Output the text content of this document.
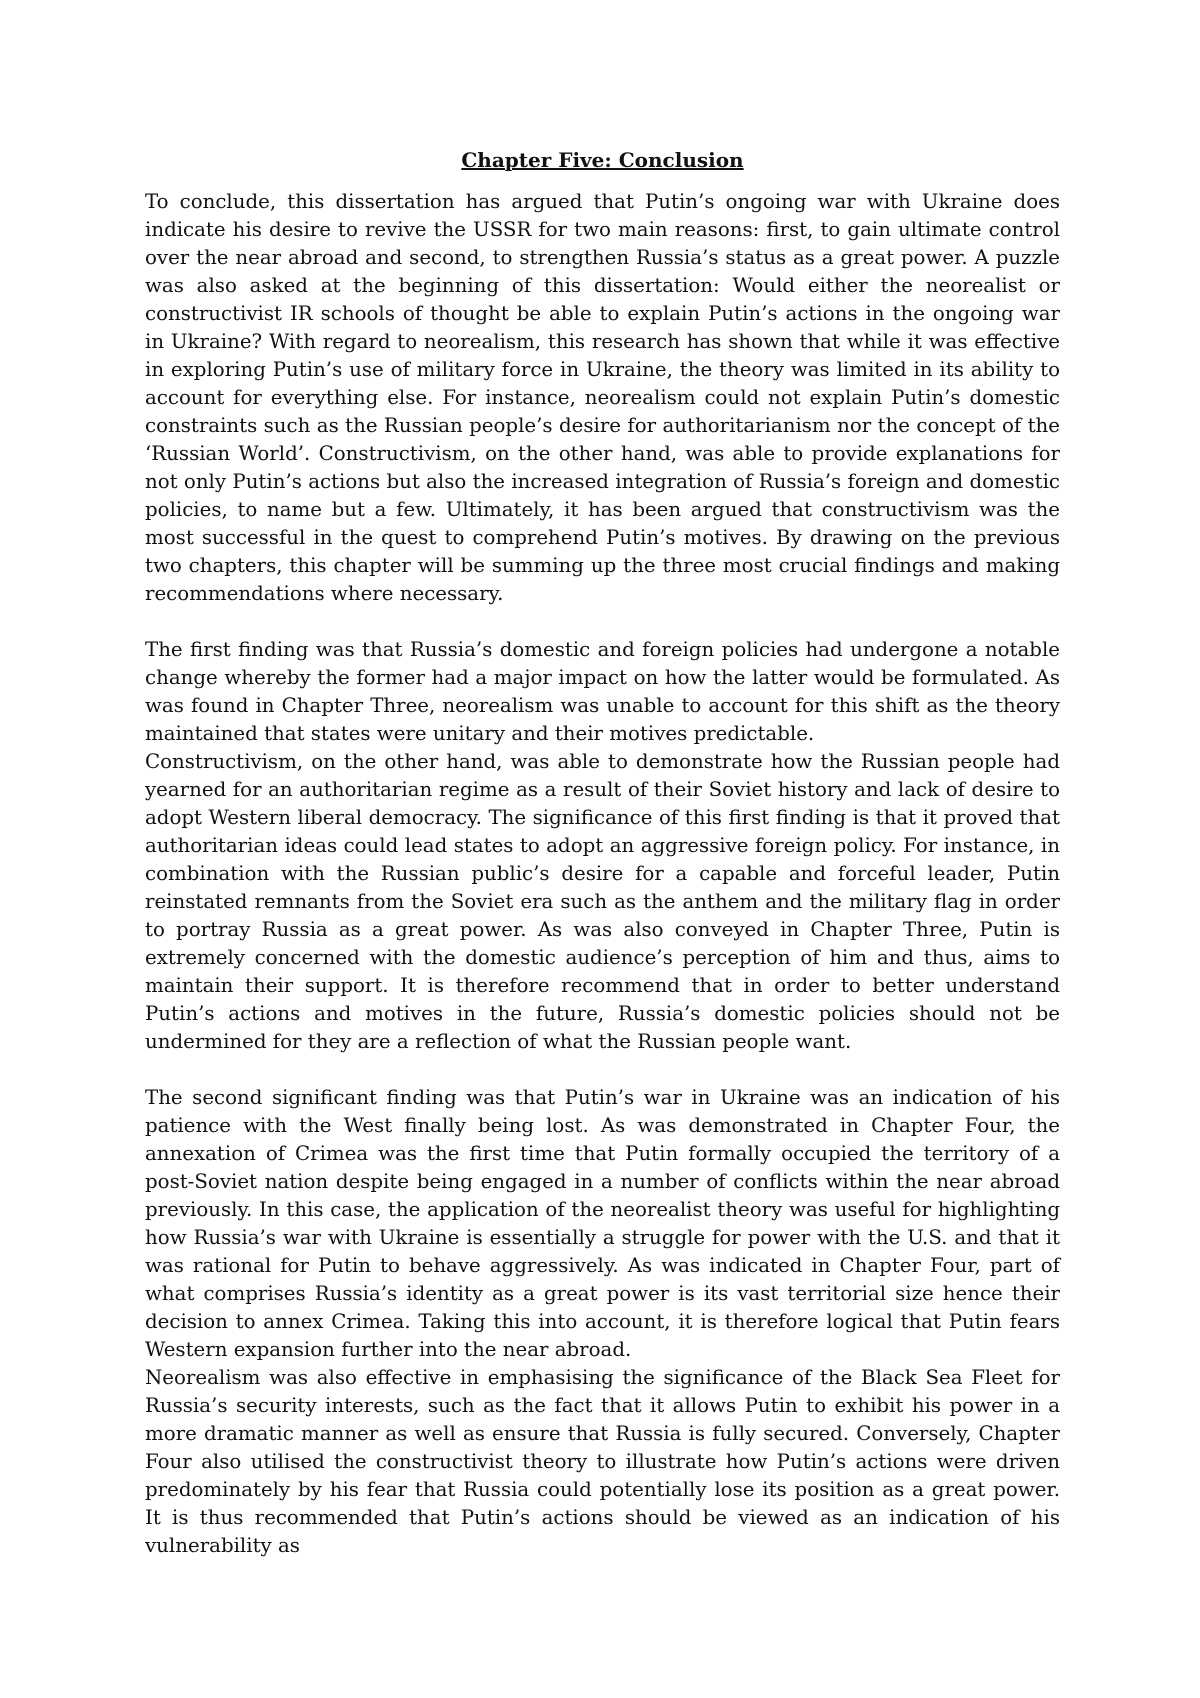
Chapter Five: Conclusion

To conclude, this dissertation has argued that Putin’s ongoing war with Ukraine does indicate his desire to revive the USSR for two main reasons: first, to gain ultimate control over the near abroad and second, to strengthen Russia’s status as a great power. A puzzle was also asked at the beginning of this dissertation: Would either the neorealist or constructivist IR schools of thought be able to explain Putin’s actions in the ongoing war in Ukraine? With regard to neorealism, this research has shown that while it was effective in exploring Putin’s use of military force in Ukraine, the theory was limited in its ability to account for everything else. For instance, neorealism could not explain Putin’s domestic constraints such as the Russian people’s desire for authoritarianism nor the concept of the ‘Russian World’. Constructivism, on the other hand, was able to provide explanations for not only Putin’s actions but also the increased integration of Russia’s foreign and domestic policies, to name but a few. Ultimately, it has been argued that constructivism was the most successful in the quest to comprehend Putin’s motives. By drawing on the previous two chapters, this chapter will be summing up the three most crucial findings and making recommendations where necessary.

The first finding was that Russia’s domestic and foreign policies had undergone a notable change whereby the former had a major impact on how the latter would be formulated. As was found in Chapter Three, neorealism was unable to account for this shift as the theory maintained that states were unitary and their motives predictable.

Constructivism, on the other hand, was able to demonstrate how the Russian people had yearned for an authoritarian regime as a result of their Soviet history and lack of desire to adopt Western liberal democracy. The significance of this first finding is that it proved that authoritarian ideas could lead states to adopt an aggressive foreign policy. For instance, in combination with the Russian public’s desire for a capable and forceful leader, Putin reinstated remnants from the Soviet era such as the anthem and the military flag in order to portray Russia as a great power. As was also conveyed in Chapter Three, Putin is extremely concerned with the domestic audience’s perception of him and thus, aims to maintain their support. It is therefore recommend that in order to better understand Putin’s actions and motives in the future, Russia’s domestic policies should not be undermined for they are a reflection of what the Russian people want.

The second significant finding was that Putin’s war in Ukraine was an indication of his patience with the West finally being lost. As was demonstrated in Chapter Four, the annexation of Crimea was the first time that Putin formally occupied the territory of a post-Soviet nation despite being engaged in a number of conflicts within the near abroad previously. In this case, the application of the neorealist theory was useful for highlighting how Russia’s war with Ukraine is essentially a struggle for power with the U.S. and that it was rational for Putin to behave aggressively. As was indicated in Chapter Four, part of what comprises Russia’s identity as a great power is its vast territorial size hence their decision to annex Crimea. Taking this into account, it is therefore logical that Putin fears Western expansion further into the near abroad.

Neorealism was also effective in emphasising the significance of the Black Sea Fleet for Russia’s security interests, such as the fact that it allows Putin to exhibit his power in a more dramatic manner as well as ensure that Russia is fully secured. Conversely, Chapter Four also utilised the constructivist theory to illustrate how Putin’s actions were driven predominately by his fear that Russia could potentially lose its position as a great power. It is thus recommended that Putin’s actions should be viewed as an indication of his vulnerability as
